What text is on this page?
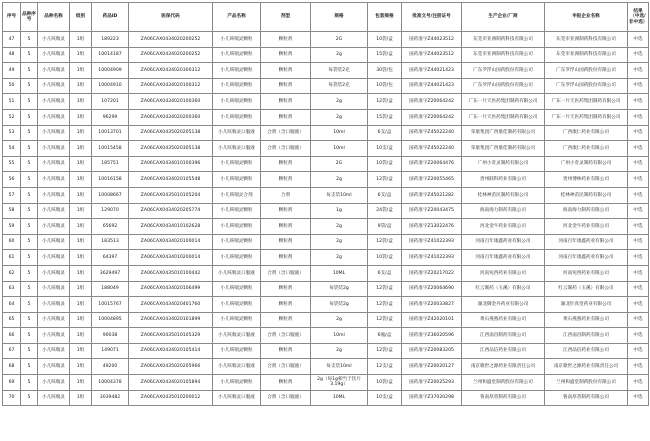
序号	品种序号	品种名称	组别	药品ID	医保代码	产品名称	剂型	规格	包装规格	批准文号/注册证号	生产企业/厂商	申报企业名称	结果（中选/非中选）
47	5	小儿咳喘灵	1组	189223	ZA06CAX0434020200252	小儿咳喘灵颗粒	颗粒剂	2G	10袋/盒	国药准字Z44023512	东莞市亚洲制药科技有限公司	东莞市亚洲制药科技有限公司	中选
48	5	小儿咳喘灵	1组	10014187	ZA06CAX0434020200252	小儿咳喘灵颗粒	颗粒剂	2g	15袋/盒	国药准字Z44023512	东莞市亚洲制药科技有限公司	东莞市亚洲制药科技有限公司	中选
49	5	小儿咳喘灵	1组	10004909	ZA06CAX0434020300312	小儿咳喘灵颗粒	颗粒剂	每袋装2克	30袋/包	国药准字Z44021423	广东罗浮山国药股份有限公司	广东罗浮山国药股份有限公司	中选
50	5	小儿咳喘灵	1组	10004910	ZA06CAX0434020100312	小儿咳喘灵颗粒	颗粒剂	每袋装2克	10袋/包	国药准字Z44021423	广东罗浮山国药股份有限公司	广东罗浮山国药股份有限公司	中选
51	5	小儿咳喘灵	1组	107201	ZA06CAX0434020100360	小儿咳喘灵颗粒	颗粒剂	2g	12袋/盒	国药准字Z20064242	广东一片天医药集团制药有限公司	广东一片天医药集团制药有限公司	中选
52	5	小儿咳喘灵	1组	96299	ZA06CAX0434020200360	小儿咳喘灵颗粒	颗粒剂	2g	15袋/盒	国药准字Z20064242	广东一片天医药集团制药有限公司	广东一片天医药集团制药有限公司	中选
53	5	小儿咳喘灵	1组	10013701	ZA06CAX0435020205138	小儿咳喘灵口服液	合剂（含口服液）	10ml	6支/盒	国药准字Z45022240	荣康集团广西康佳制药有限公司	广西康仁药业有限公司	中选
54	5	小儿咳喘灵	1组	10015458	ZA06CAX0435020305138	小儿咳喘灵口服液	合剂（含口服液）	10ml	10支/盒	国药准字Z45022240	荣康集团广西康佳制药有限公司	广西康仁药业有限公司	中选
55	5	小儿咳喘灵	1组	185751	ZA06CAX0434010100396	小儿咳喘灵颗粒	颗粒剂	2G	10袋/盒	国药准字Z20064476	广州小奇灵制药有限公司	广州小奇灵制药有限公司	中选
56	5	小儿咳喘灵	1组	10016158	ZA06CAX0434020105548	小儿咳喘灵颗粒	颗粒剂	2g	12袋/盒	国药准字Z20055465	贵州联科药业有限公司	贵州博林药业有限公司	中选
57	5	小儿咳喘灵	1组	10008667	ZA06CAX0435010105204	小儿咳喘灵合剂	合剂	每支装10ml	6支/盒	国药准字Z45021282	桂林神苗民制药有限公司	桂林神苗民制药有限公司	中选
58	5	小儿咳喘灵	1组	129070	ZA06CAX0434020205774	小儿咳喘灵颗粒	颗粒剂	1g	24袋/盒	国药准字Z20043475	海南海力制药有限公司	海南海力制药有限公司	中选
59	5	小儿咳喘灵	1组	65692	ZA06CAX0434010102628	小儿咳喘灵颗粒	颗粒剂	2g	9袋/盒	国药准字Z13022476	河北金牛药业有限公司	河北金牛药业有限公司	中选
60	5	小儿咳喘灵	1组	183513	ZA06CAX0434020100014	小儿咳喘灵颗粒	颗粒剂	2g	12袋/盒	国药准字Z41022393	河南百年康鑫药业有限公司	河南百年康鑫药业有限公司	中选
61	5	小儿咳喘灵	1组	64397	ZA06CAX0434010200014	小儿咳喘灵颗粒	颗粒剂	2g	10袋/盒	国药准字Z41022393	河南百年康鑫药业有限公司	河南百年康鑫药业有限公司	中选
62	5	小儿咳喘灵	1组	3629497	ZA06CAX0435010100442	小儿咳喘灵口服液	合剂（含口服液）	10ML	6支/盒	国药准字Z20217022	河南宛西药业有限公司	河南宛西药业有限公司	中选
63	5	小儿咳喘灵	1组	188049	ZA06CAX0434020106499	小儿咳喘灵颗粒	颗粒剂	每袋装2g	12袋/盒	国药准字Z20064690	红云制药（玉溪）有限公司	红云制药（玉溪）有限公司	中选
64	5	小儿咳喘灵	1组	10015767	ZA06CAX0434020401760	小儿咳喘灵颗粒	颗粒剂	每袋装2g	12袋/盒	国药准字Z20033827	湖北御金丹药业有限公司	湖北针真堂药业有限公司	中选
65	5	小儿咳喘灵	1组	10004895	ZA06CAX0434020101899	小儿咳喘灵颗粒	颗粒剂	2g	12袋/盒	国药准字Z42020101	黄石燕燕药业有限公司	黄石燕燕药业有限公司	中选
66	5	小儿咳喘灵	1组	90038	ZA06CAX0435010105329	小儿咳喘灵口服液	合剂（含口服液）	10ml	6瓶/盒	国药准字Z36020596	江西南昌制药有限公司	江西南昌制药有限公司	中选
67	5	小儿咳喘灵	1组	149071	ZA06CAX0434020105414	小儿咳喘灵颗粒	颗粒剂	2g	12袋/盒	国药准字Z20083205	江西品信药业有限公司	江西品信药业有限公司	中选
68	5	小儿咳喘灵	1组	49200	ZA06CAX0435020205966	小儿咳喘灵口服液	合剂（含口服液）	每支装10ml	12支/盒	国药准字Z20020127	南京歌世之源药业有限责任公司	南京歌世之源药业有限责任公司	中选
69	5	小儿咳喘灵	1组	10004378	ZA06CAX0434020105894	小儿咳喘灵颗粒	颗粒剂	2g（每1g相当于饮片3.19g）	10袋/盒	国药准字Z20025293	兰州和盛堂制药股份有限公司	兰州和盛堂制药股份有限公司	中选
70	5	小儿咳喘灵	1组	3039482	ZA06CAX0435010200012	小儿咳喘灵口服液	合剂（含口服液）	10ML	10支/盒	国药准字Z37020298	鲁南厚普制药有限公司	鲁南厚普制药有限公司	中选
